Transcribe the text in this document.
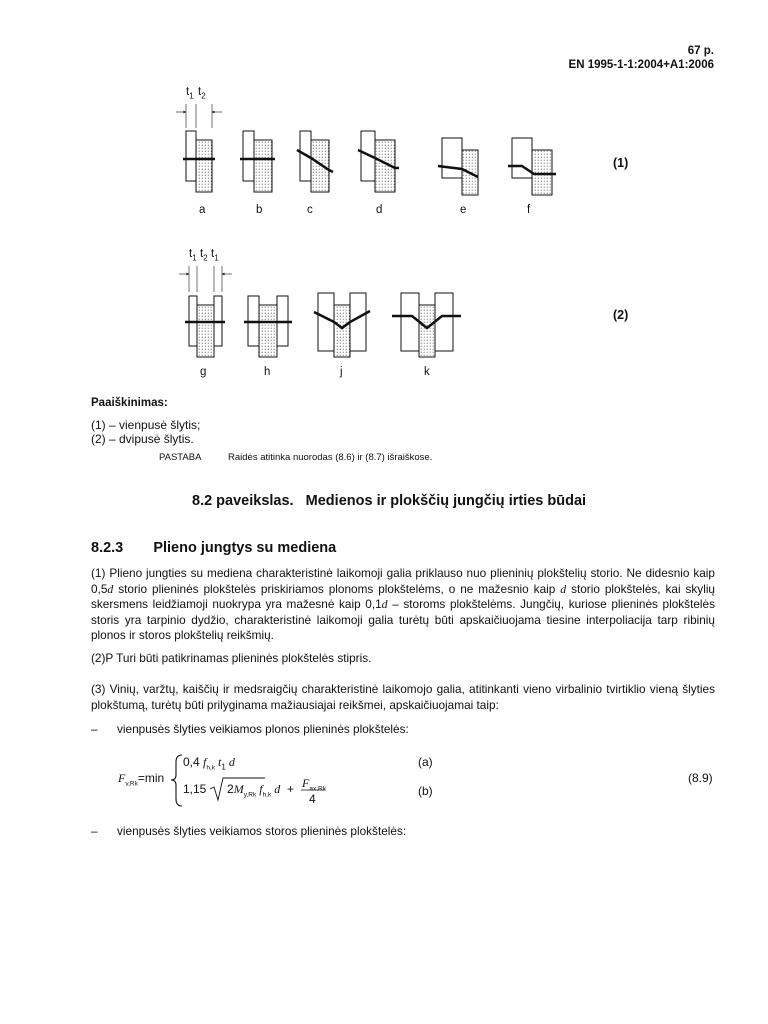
67 p.
EN 1995-1-1:2004+A1:2006
$t_1$ $t_2$
$t_1$ $t_2$ $t_1$
a	b	c	d	e	f
g	h	j	k
(1)
(2)
Paaiškinimas:
(1) – vienpusė šlytis;
(2) – dvipusė šlytis.
PASTABA	Raidės atitinka nuorodas (8.6) ir (8.7) išraiškose.
8.2 paveikslas.   Medienos ir plokščių jungčių irties būdai
8.2.3 Plieno jungtys su mediena
(1) Plieno jungties su mediena charakteristinė laikomoji galia priklauso nuo plieninių plokštelių storio. Ne didesnio kaip 0,5d storio plieninės plokštelės priskiriamos plonoms plokštelėms, o ne mažesnio kaip d storio plokštelės, kai skylių skersmens leidžiamoji nuokrypa yra mažesnė kaip 0,1d – storoms plokštelėms. Jungčių, kuriose plieninės plokštelės storis yra tarpinio dydžio, charakteristinė laikomoji galia turėtų būti apskaičiuojama tiesine interpoliacija tarp ribinių plonos ir storos plokštelių reikšmių.
(2)P Turi būti patikrinamas plieninės plokštelės stipris.
(3) Vinių, varžtų, kaiščių ir medsraigčių charakteristinė laikomojo galia, atitinkanti vieno virbalinio tvirtiklio vieną šlyties plokštumą, turėtų būti prilyginama mažiausiajai reikšmei, apskaičiuojamai taip:
– vienpusės šlyties veikiamos plonos plieninės plokštelės:
$F_{v,Rk}=\min$
0,4 $f_{h,k}$ $t_1$ d
1,15 $2M_{y,Rk}$ $f_{h,k}$ $d + F_{ax,Rk}$
4
(a)
(b)
(8.9)
– vienpusės šlyties veikiamos storos plieninės plokštelės:
